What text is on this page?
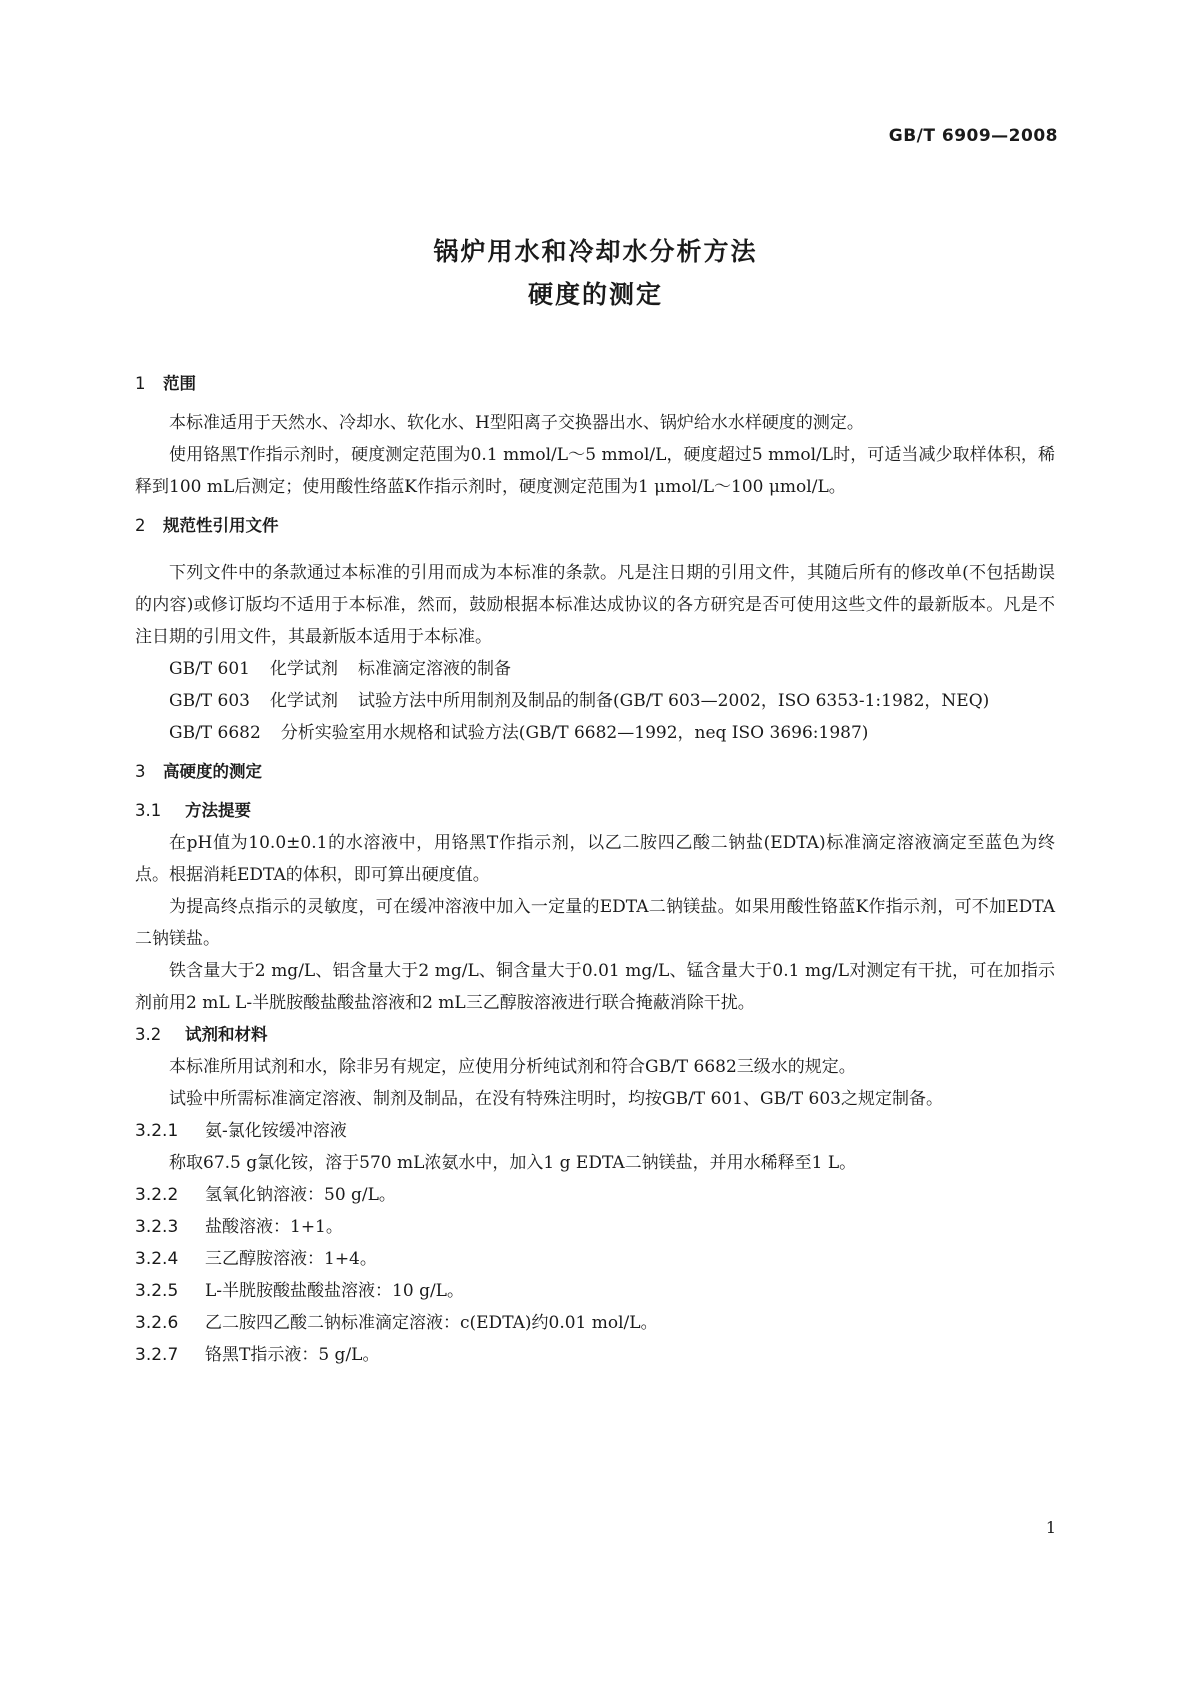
GB/T 6909—2008
锅炉用水和冷却水分析方法
硬度的测定
1 范围

本标准适用于天然水、冷却水、软化水、H型阳离子交换器出水、锅炉给水水样硬度的测定。

使用铬黑T作指示剂时，硬度测定范围为0.1 mmol/L～5 mmol/L，硬度超过5 mmol/L时，可适当减少取样体积，稀释到100 mL后测定；使用酸性络蓝K作指示剂时，硬度测定范围为1 μmol/L～100 μmol/L。

2 规范性引用文件

下列文件中的条款通过本标准的引用而成为本标准的条款。凡是注日期的引用文件，其随后所有的修改单(不包括勘误的内容)或修订版均不适用于本标准，然而，鼓励根据本标准达成协议的各方研究是否可使用这些文件的最新版本。凡是不注日期的引用文件，其最新版本适用于本标准。

GB/T 601 化学试剂 标准滴定溶液的制备

GB/T 603 化学试剂 试验方法中所用制剂及制品的制备(GB/T 603—2002，ISO 6353-1:1982，NEQ)

GB/T 6682 分析实验室用水规格和试验方法(GB/T 6682—1992，neq ISO 3696:1987)

3 高硬度的测定
3.1 方法提要

在pH值为10.0±0.1的水溶液中，用铬黑T作指示剂，以乙二胺四乙酸二钠盐(EDTA)标准滴定溶液滴定至蓝色为终点。根据消耗EDTA的体积，即可算出硬度值。

为提高终点指示的灵敏度，可在缓冲溶液中加入一定量的EDTA二钠镁盐。如果用酸性铬蓝K作指示剂，可不加EDTA二钠镁盐。

铁含量大于2 mg/L、铝含量大于2 mg/L、铜含量大于0.01 mg/L、锰含量大于0.1 mg/L对测定有干扰，可在加指示剂前用2 mL L-半胱胺酸盐酸盐溶液和2 mL三乙醇胺溶液进行联合掩蔽消除干扰。

3.2 试剂和材料

本标准所用试剂和水，除非另有规定，应使用分析纯试剂和符合GB/T 6682三级水的规定。

试验中所需标准滴定溶液、制剂及制品，在没有特殊注明时，均按GB/T 601、GB/T 603之规定制备。

3.2.1 氨-氯化铵缓冲溶液

称取67.5 g氯化铵，溶于570 mL浓氨水中，加入1 g EDTA二钠镁盐，并用水稀释至1 L。

3.2.2 氢氧化钠溶液：50 g/L。

3.2.3 盐酸溶液：1+1。

3.2.4 三乙醇胺溶液：1+4。

3.2.5 L-半胱胺酸盐酸盐溶液：10 g/L。

3.2.6 乙二胺四乙酸二钠标准滴定溶液：c(EDTA)约0.01 mol/L。

3.2.7 铬黑T指示液：5 g/L。

1
